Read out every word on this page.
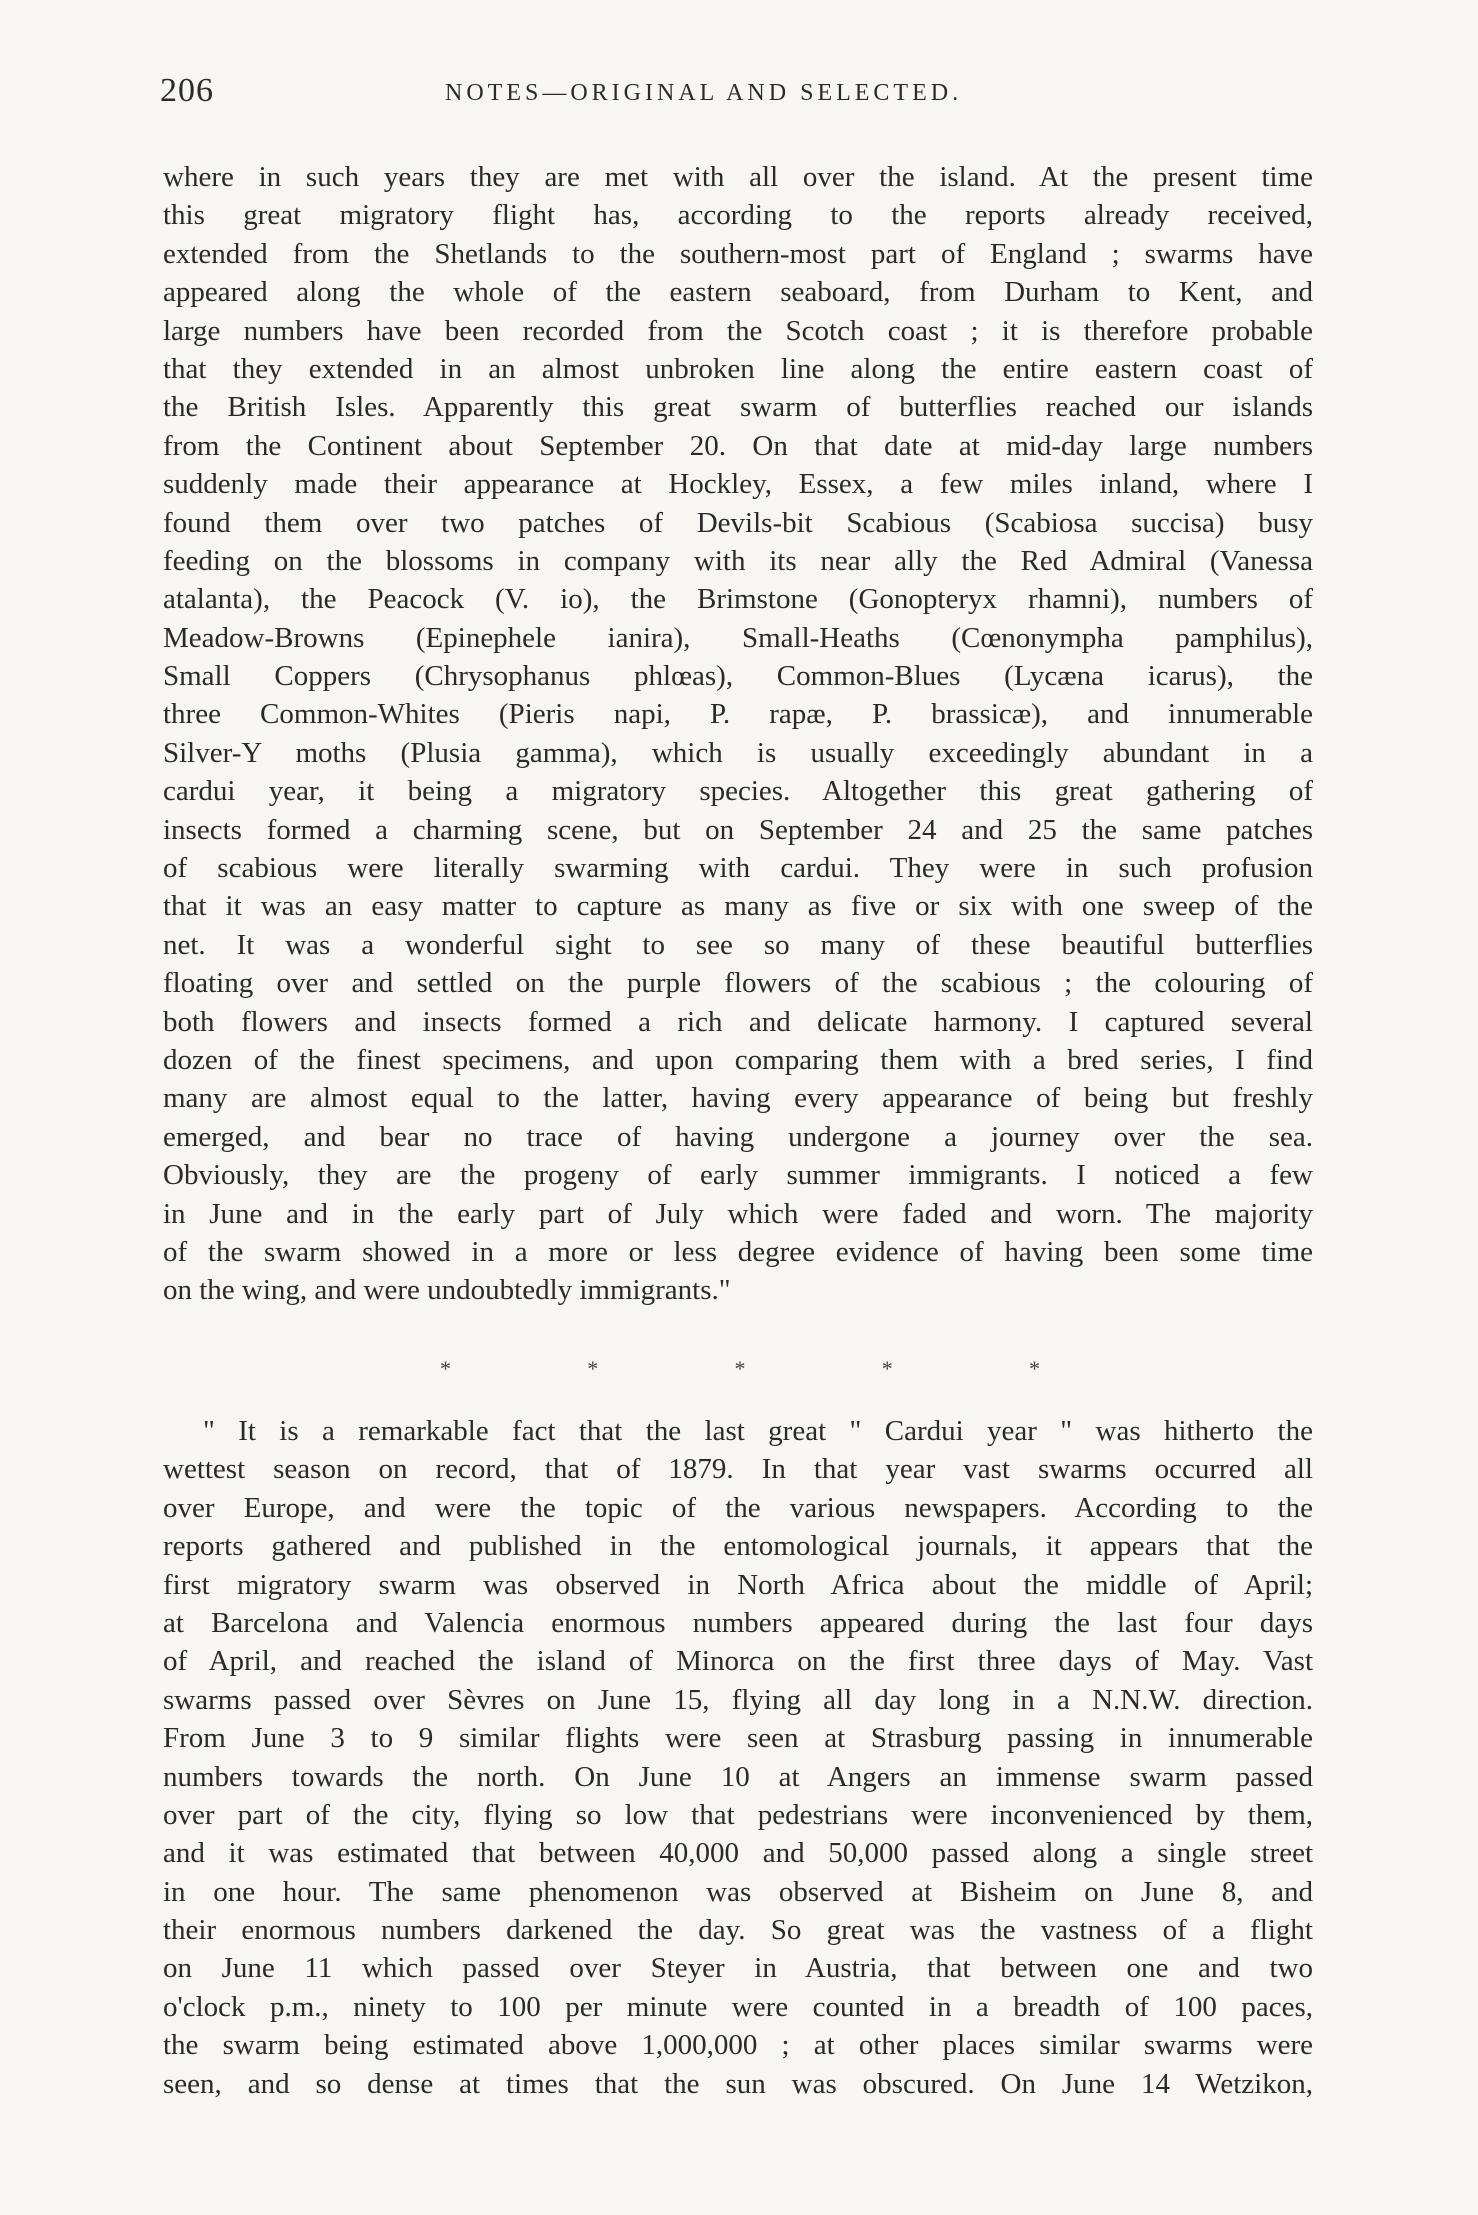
206	NOTES—ORIGINAL AND SELECTED.
where in such years they are met with all over the island. At the present time
this great migratory flight has, according to the reports already received,
extended from the Shetlands to the southern-most part of England ; swarms have
appeared along the whole of the eastern seaboard, from Durham to Kent, and
large numbers have been recorded from the Scotch coast ; it is therefore probable
that they extended in an almost unbroken line along the entire eastern coast of
the British Isles. Apparently this great swarm of butterflies reached our islands
from the Continent about September 20. On that date at mid-day large numbers
suddenly made their appearance at Hockley, Essex, a few miles inland, where I
found them over two patches of Devils-bit Scabious (Scabiosa succisa) busy
feeding on the blossoms in company with its near ally the Red Admiral (Vanessa
atalanta), the Peacock (V. io), the Brimstone (Gonopteryx rhamni), numbers of
Meadow-Browns (Epinephele ianira), Small-Heaths (Cœnonympha pamphilus),
Small Coppers (Chrysophanus phlœas), Common-Blues (Lycæna icarus), the
three Common-Whites (Pieris napi, P. rapæ, P. brassicæ), and innumerable
Silver-Y moths (Plusia gamma), which is usually exceedingly abundant in a
cardui year, it being a migratory species. Altogether this great gathering of
insects formed a charming scene, but on September 24 and 25 the same patches
of scabious were literally swarming with cardui. They were in such profusion
that it was an easy matter to capture as many as five or six with one sweep of the
net. It was a wonderful sight to see so many of these beautiful butterflies
floating over and settled on the purple flowers of the scabious ; the colouring of
both flowers and insects formed a rich and delicate harmony. I captured several
dozen of the finest specimens, and upon comparing them with a bred series, I find
many are almost equal to the latter, having every appearance of being but freshly
emerged, and bear no trace of having undergone a journey over the sea.
Obviously, they are the progeny of early summer immigrants. I noticed a few
in June and in the early part of July which were faded and worn. The majority
of the swarm showed in a more or less degree evidence of having been some time
on the wing, and were undoubtedly immigrants."
*	*	*	*	*
" It is a remarkable fact that the last great " Cardui year " was hitherto the
wettest season on record, that of 1879. In that year vast swarms occurred all
over Europe, and were the topic of the various newspapers. According to the
reports gathered and published in the entomological journals, it appears that the
first migratory swarm was observed in North Africa about the middle of April;
at Barcelona and Valencia enormous numbers appeared during the last four days
of April, and reached the island of Minorca on the first three days of May. Vast
swarms passed over Sèvres on June 15, flying all day long in a N.N.W. direction.
From June 3 to 9 similar flights were seen at Strasburg passing in innumerable
numbers towards the north. On June 10 at Angers an immense swarm passed
over part of the city, flying so low that pedestrians were inconvenienced by them,
and it was estimated that between 40,000 and 50,000 passed along a single street
in one hour. The same phenomenon was observed at Bisheim on June 8, and
their enormous numbers darkened the day. So great was the vastness of a flight
on June 11 which passed over Steyer in Austria, that between one and two
o'clock p.m., ninety to 100 per minute were counted in a breadth of 100 paces,
the swarm being estimated above 1,000,000 ; at other places similar swarms were
seen, and so dense at times that the sun was obscured. On June 14 Wetzikon,
